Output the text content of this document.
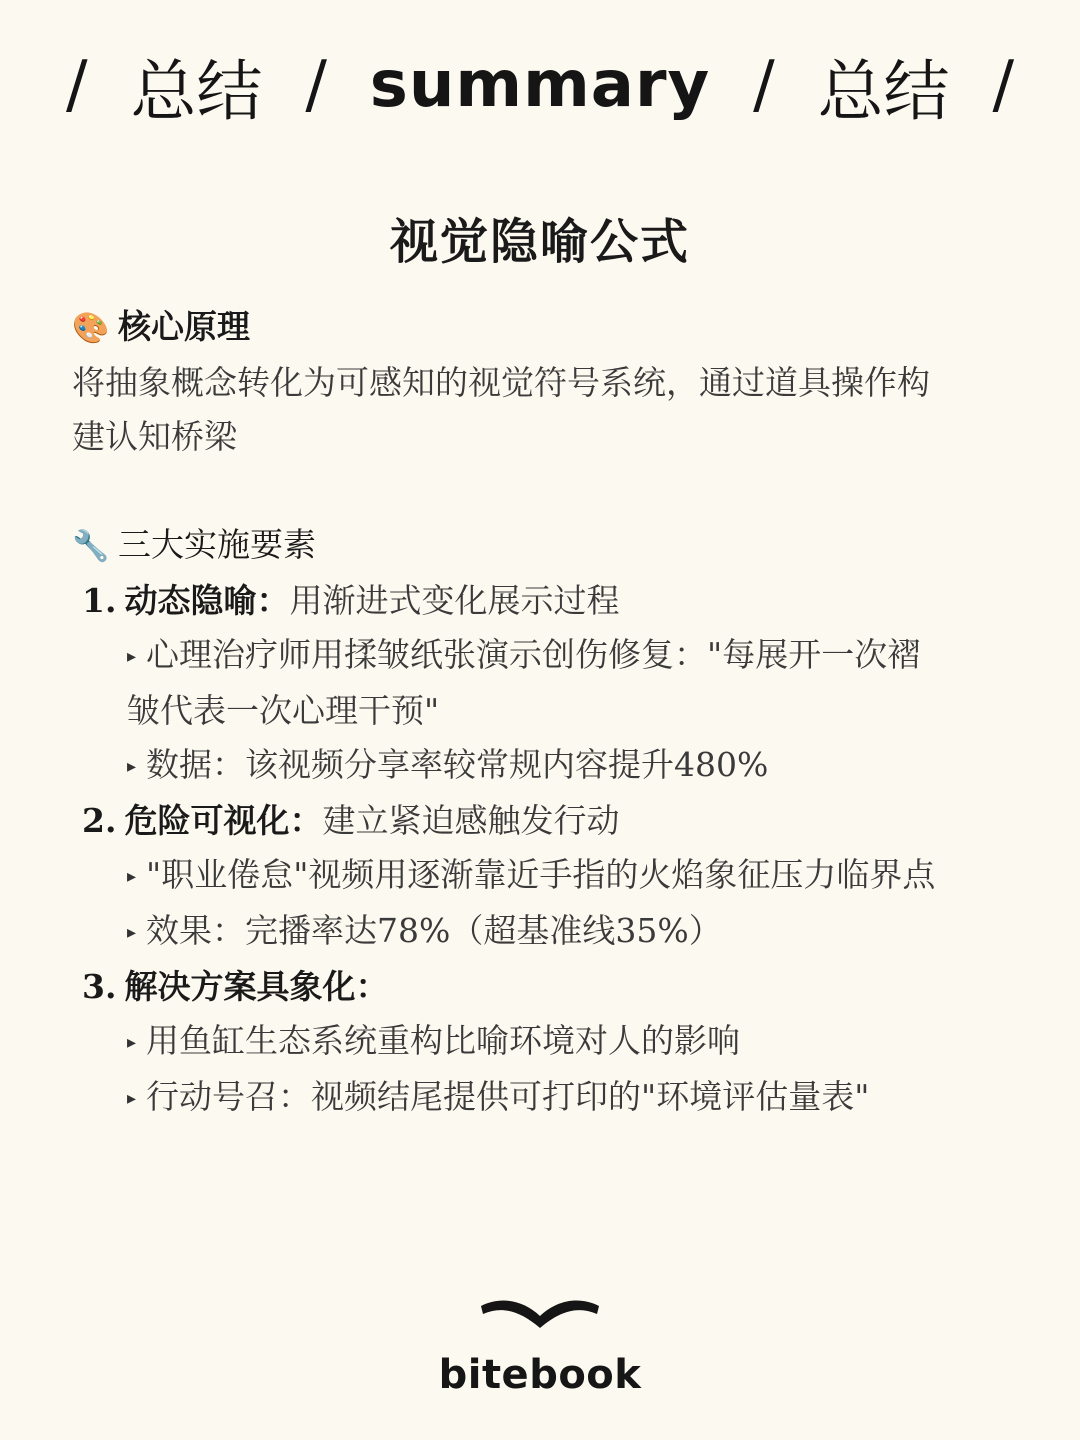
/ 总结 / summary / 总结 /
视觉隐喻公式
🎨 核心原理
将抽象概念转化为可感知的视觉符号系统，通过道具操作构
建认知桥梁
🔧 三大实施要素
1. 动态隐喻：用渐进式变化展示过程
▸ 心理治疗师用揉皱纸张演示创伤修复："每展开一次褶
皱代表一次心理干预"
▸ 数据：该视频分享率较常规内容提升480%
2. 危险可视化：建立紧迫感触发行动
▸ "职业倦怠"视频用逐渐靠近手指的火焰象征压力临界点
▸ 效果：完播率达78%（超基准线35%）
3. 解决方案具象化：
▸ 用鱼缸生态系统重构比喻环境对人的影响
▸ 行动号召：视频结尾提供可打印的"环境评估量表"
bitebook
